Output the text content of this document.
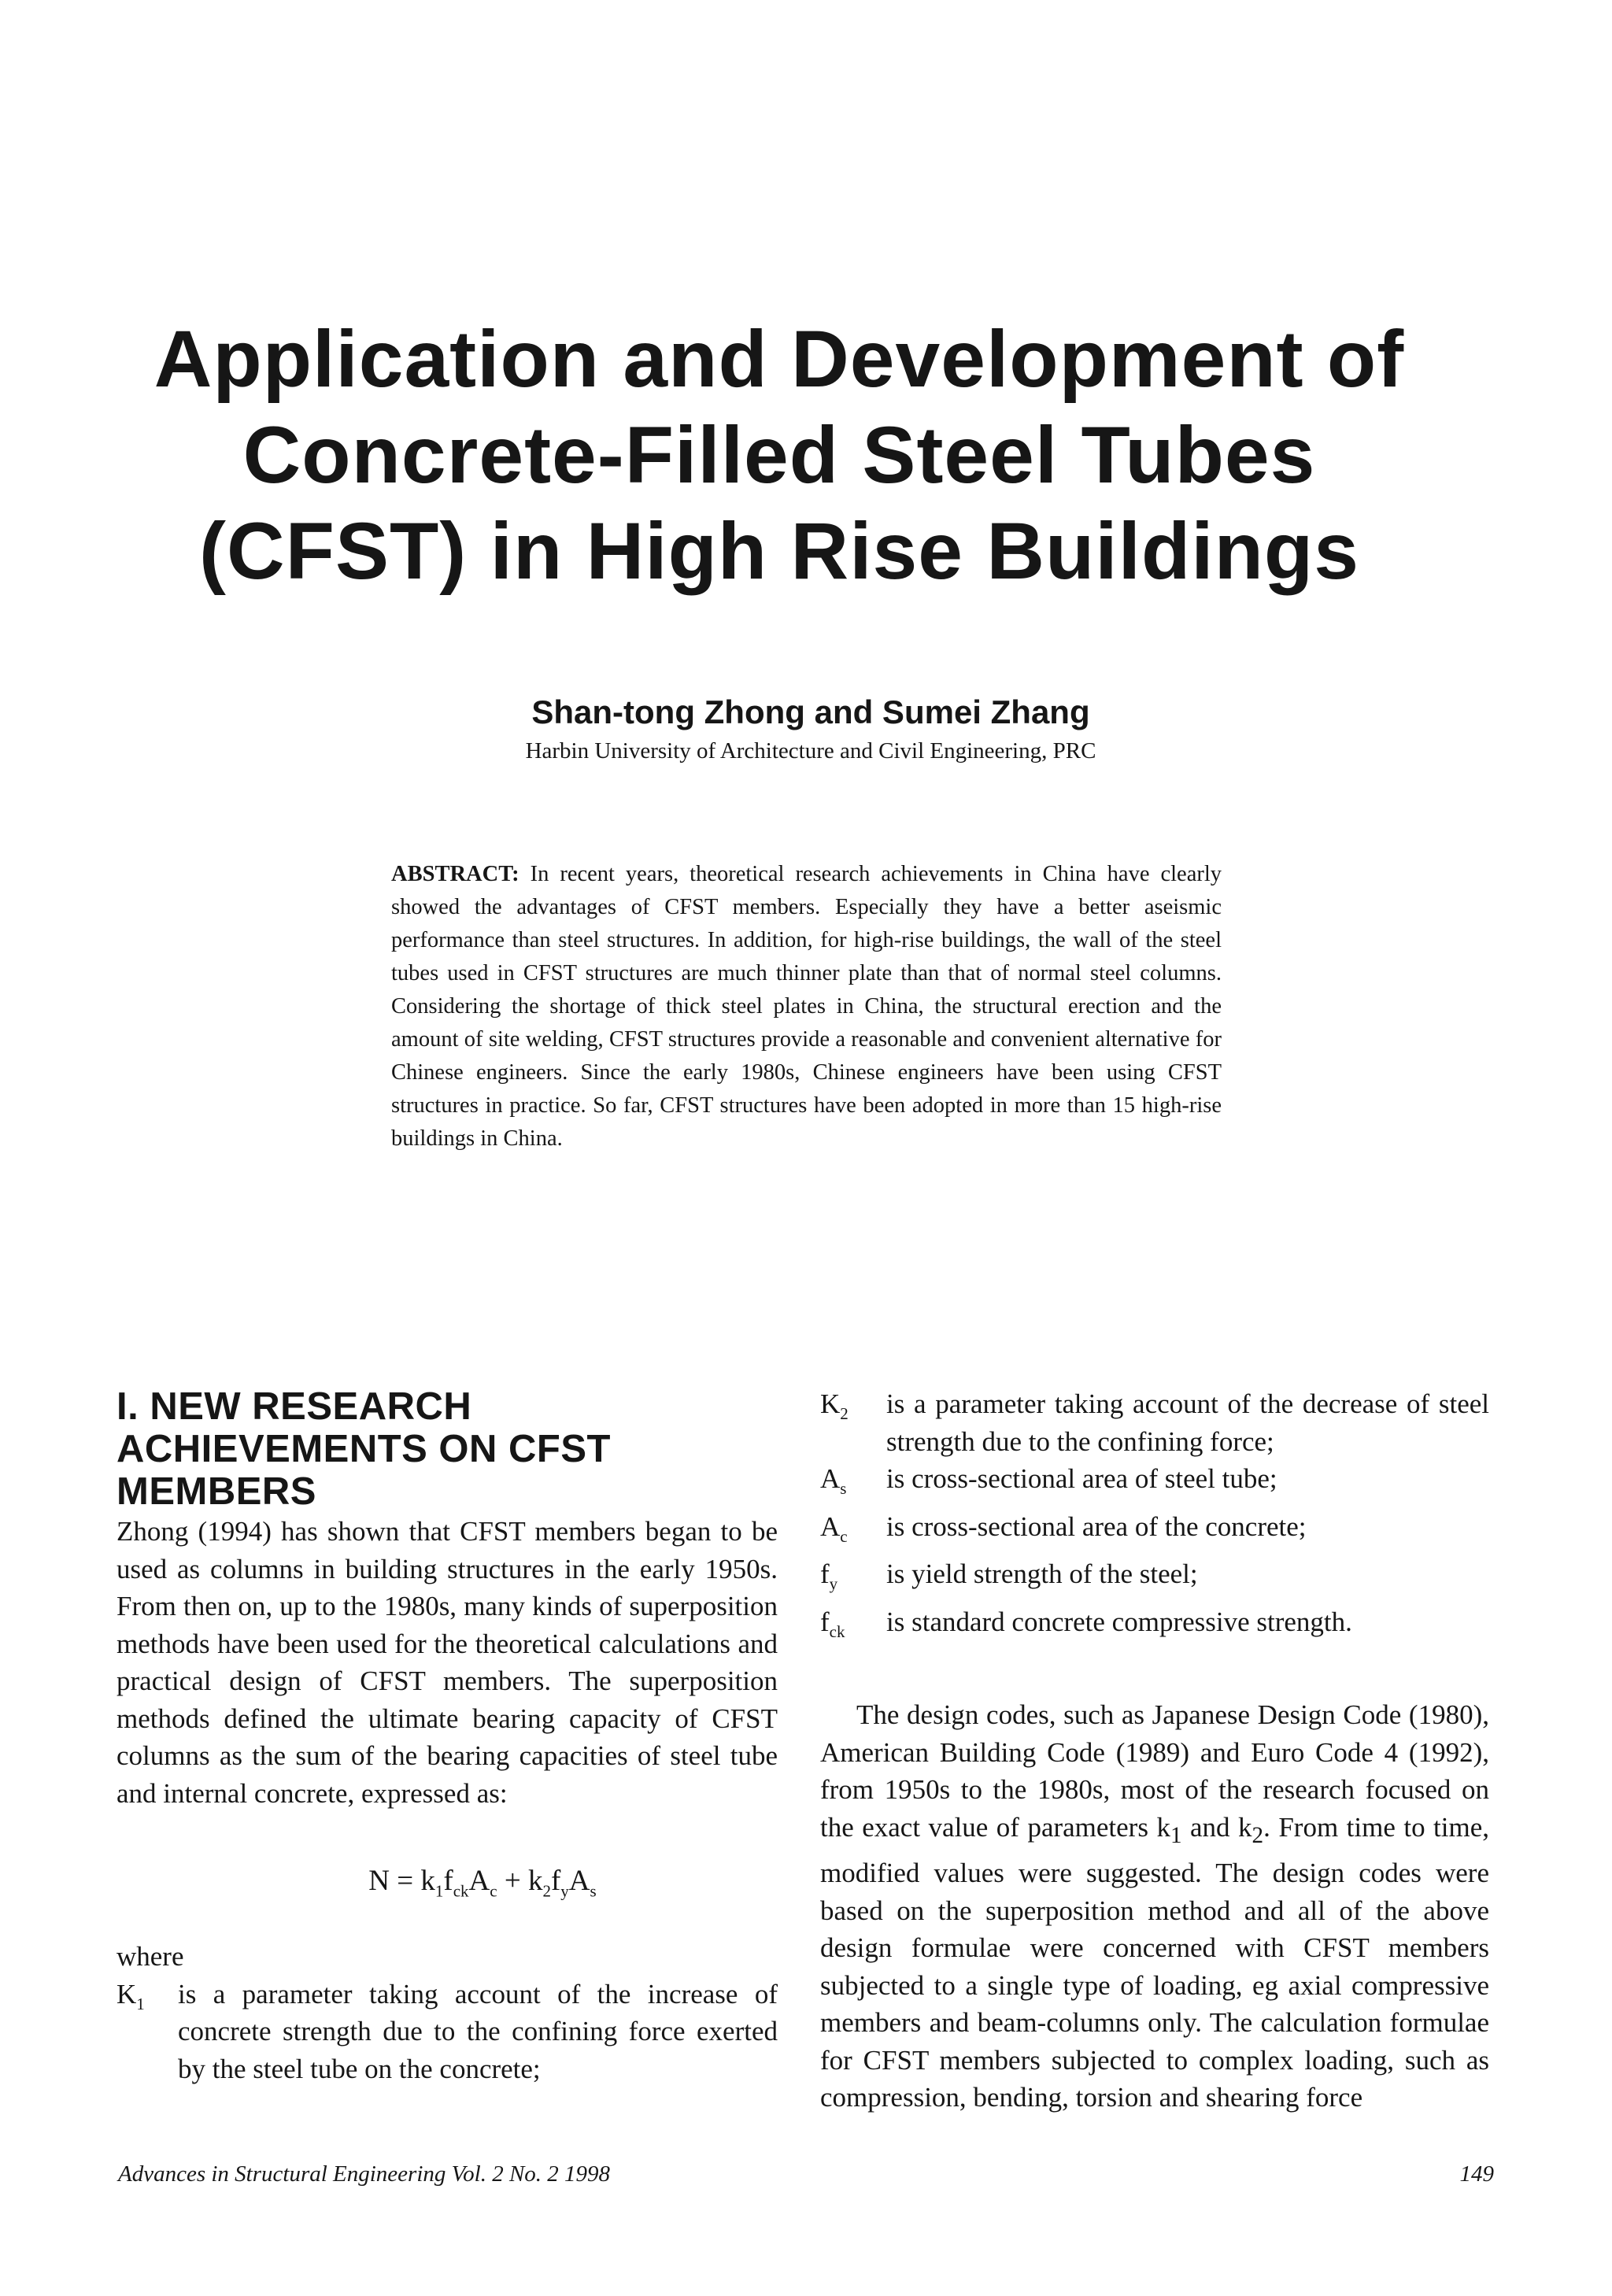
Application and Development of
Concrete-Filled Steel Tubes
(CFST) in High Rise Buildings
Shan-tong Zhong and Sumei Zhang
Harbin University of Architecture and Civil Engineering, PRC

ABSTRACT: In recent years, theoretical research achievements in China have clearly showed the advantages of CFST members. Especially they have a better aseismic performance than steel structures. In addition, for high-rise buildings, the wall of the steel tubes used in CFST structures are much thinner plate than that of normal steel columns. Considering the shortage of thick steel plates in China, the structural erection and the amount of site welding, CFST structures provide a reasonable and convenient alternative for Chinese engineers. Since the early 1980s, Chinese engineers have been using CFST structures in practice. So far, CFST structures have been adopted in more than 15 high-rise buildings in China.

I. NEW RESEARCH
ACHIEVEMENTS ON CFST
MEMBERS

Zhong (1994) has shown that CFST members began to be used as columns in building structures in the early 1950s. From then on, up to the 1980s, many kinds of superposition methods have been used for the theoretical calculations and practical design of CFST members. The superposition methods defined the ultimate bearing capacity of CFST columns as the sum of the bearing capacities of steel tube and internal concrete, expressed as:

$N = k_1f_{ck}A_c + k_2f_yA_s$

where

$K_1$	is a parameter taking account of the increase of concrete strength due to the confining force exerted by the steel tube on the concrete;
$K_2$	is a parameter taking account of the decrease of steel strength due to the confining force;
$A_s$	is cross-sectional area of steel tube;
$A_c$	is cross-sectional area of the concrete;
$f_y$	is yield strength of the steel;
$f_{ck}$	is standard concrete compressive strength.

The design codes, such as Japanese Design Code (1980), American Building Code (1989) and Euro Code 4 (1992), from 1950s to the 1980s, most of the research focused on the exact value of parameters $k_1$ and $k_2$. From time to time, modified values were suggested. The design codes were based on the superposition method and all of the above design formulae were concerned with CFST members subjected to a single type of loading, eg axial compressive members and beam-columns only. The calculation formulae for CFST members subjected to complex loading, such as compression, bending, torsion and shearing force

Advances in Structural Engineering Vol. 2 No. 2 1998	149
